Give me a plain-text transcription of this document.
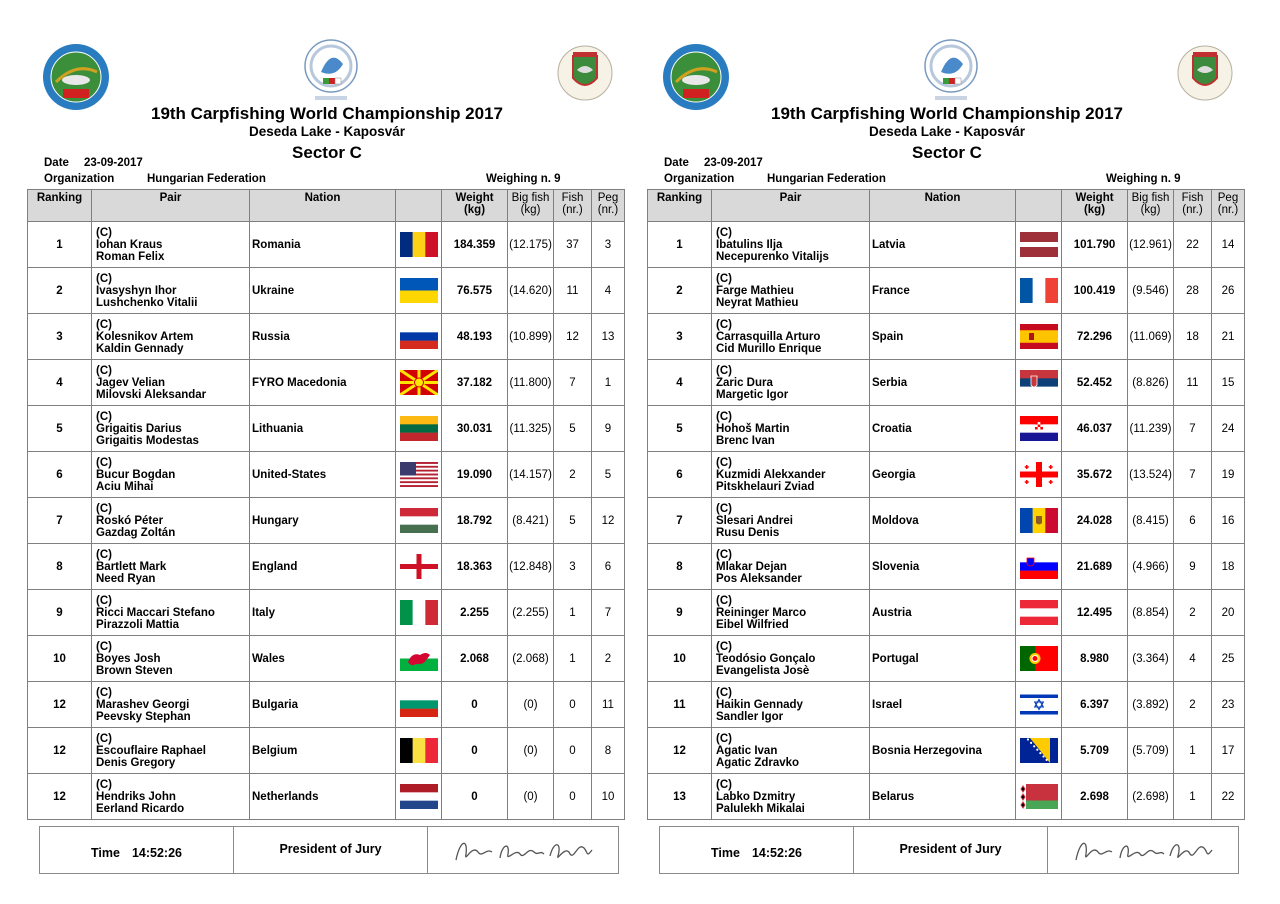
19th Carpfishing World Championship 2017
Deseda Lake - Kaposvár
Sector C
Date 23-09-2017
Organization	Hungarian Federation	Weighing n. 9
Ranking	Pair	Nation		Weight
(kg)	Big fish
(kg)	Fish
(nr.)	Peg
(nr.)
1	(C)
Iohan Kraus
Roman Felix	Romania		184.359	(12.175)	37	3
2	(C)
Ivasyshyn Ihor
Lushchenko Vitalii	Ukraine		76.575	(14.620)	11	4
3	(C)
Kolesnikov Artem
Kaldin Gennady	Russia		48.193	(10.899)	12	13
4	(C)
Jagev Velian
Milovski Aleksandar	FYRO Macedonia		37.182	(11.800)	7	1
5	(C)
Grigaitis Darius
Grigaitis Modestas	Lithuania		30.031	(11.325)	5	9
6	(C)
Bucur Bogdan
Aciu Mihai	United-States		19.090	(14.157)	2	5
7	(C)
Roskó Péter
Gazdag Zoltán	Hungary		18.792	(8.421)	5	12
8	(C)
Bartlett Mark
Need Ryan	England		18.363	(12.848)	3	6
9	(C)
Ricci Maccari Stefano
Pirazzoli Mattia	Italy		2.255	(2.255)	1	7
10	(C)
Boyes Josh
Brown Steven	Wales		2.068	(2.068)	1	2
12	(C)
Marashev Georgi
Peevsky Stephan	Bulgaria		0	(0)	0	11
12	(C)
Escouflaire Raphael
Denis Gregory	Belgium		0	(0)	0	8
12	(C)
Hendriks John
Eerland Ricardo	Netherlands		0	(0)	0	10
Time 14:52:26	President of Jury
19th Carpfishing World Championship 2017
Deseda Lake - Kaposvár
Sector C
Date 23-09-2017
Organization	Hungarian Federation	Weighing n. 9
Ranking	Pair	Nation		Weight
(kg)	Big fish
(kg)	Fish
(nr.)	Peg
(nr.)
1	(C)
Ibatulins Ilja
Necepurenko Vitalijs	Latvia		101.790	(12.961)	22	14
2	(C)
Farge Mathieu
Neyrat Mathieu	France		100.419	(9.546)	28	26
3	(C)
Carrasquilla Arturo
Cid Murillo Enrique	Spain		72.296	(11.069)	18	21
4	(C)
Zaric Dura
Margetic Igor	Serbia		52.452	(8.826)	11	15
5	(C)
Hohoš Martin
Brenc Ivan	Croatia		46.037	(11.239)	7	24
6	(C)
Kuzmidi Alekxander
Pitskhelauri Zviad	Georgia		35.672	(13.524)	7	19
7	(C)
Slesari Andrei
Rusu Denis	Moldova		24.028	(8.415)	6	16
8	(C)
Mlakar Dejan
Pos Aleksander	Slovenia		21.689	(4.966)	9	18
9	(C)
Reininger Marco
Eibel Wilfried	Austria		12.495	(8.854)	2	20
10	(C)
Teodósio Gonçalo
Evangelista Josè	Portugal		8.980	(3.364)	4	25
11	(C)
Haikin Gennady
Sandler Igor	Israel		6.397	(3.892)	2	23
12	(C)
Agatic Ivan
Agatic Zdravko	Bosnia Herzegovina		5.709	(5.709)	1	17
13	(C)
Labko Dzmitry
Palulekh Mikalai	Belarus		2.698	(2.698)	1	22
Time 14:52:26	President of Jury
